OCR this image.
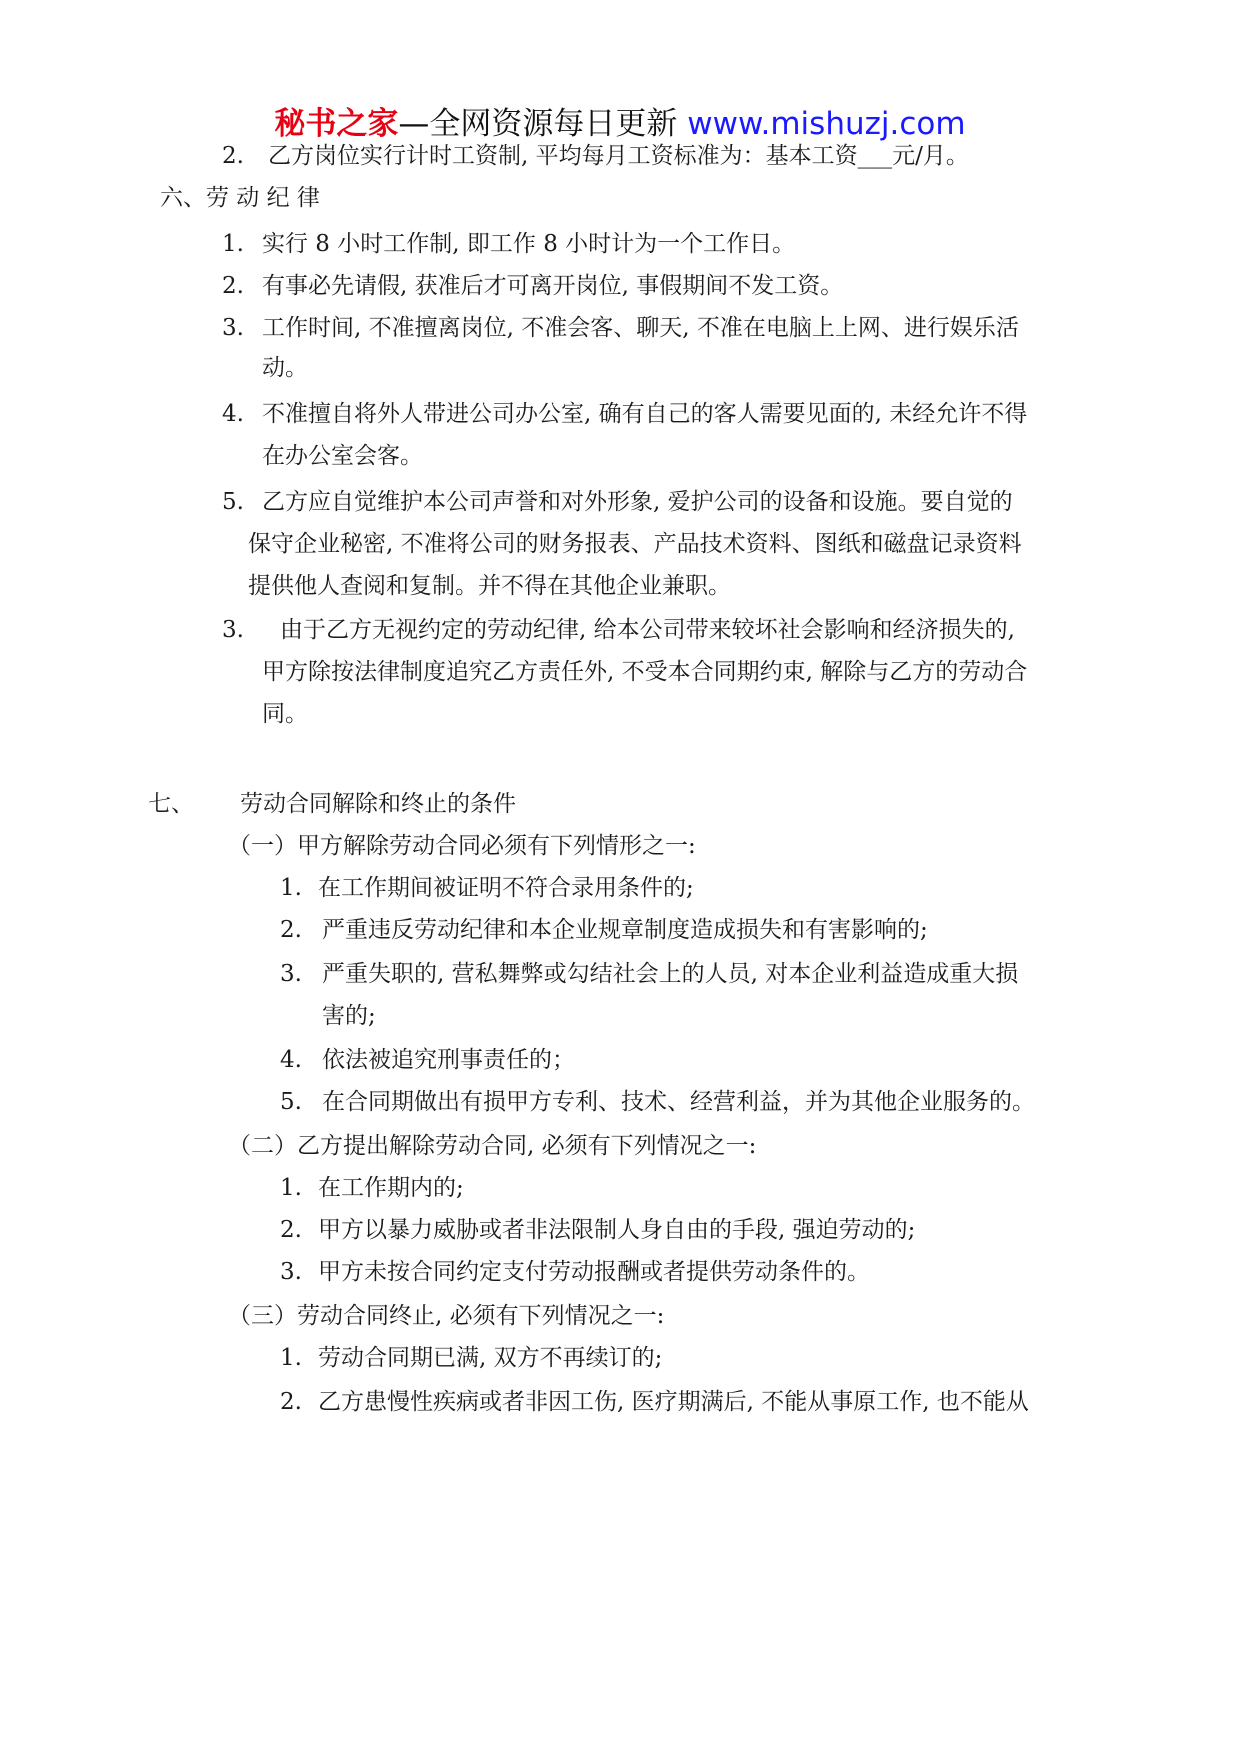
秘书之家—全网资源每日更新 www.mishuzj.com
2. 乙方岗位实行计时工资制, 平均每月工资标准为：基本工资___元/月。
六、劳 动 纪 律
1. 实行 8 小时工作制, 即工作 8 小时计为一个工作日。
2. 有事必先请假, 获准后才可离开岗位, 事假期间不发工资。
3. 工作时间, 不准擅离岗位, 不准会客、聊天, 不准在电脑上上网、进行娱乐活
动。
4. 不准擅自将外人带进公司办公室, 确有自己的客人需要见面的, 未经允许不得
在办公室会客。
5. 乙方应自觉维护本公司声誉和对外形象, 爱护公司的设备和设施。要自觉的
保守企业秘密, 不准将公司的财务报表、产品技术资料、图纸和磁盘记录资料
提供他人查阅和复制。并不得在其他企业兼职。
3. 由于乙方无视约定的劳动纪律, 给本公司带来较坏社会影响和经济损失的,
甲方除按法律制度追究乙方责任外, 不受本合同期约束, 解除与乙方的劳动合
同。
七、 劳动合同解除和终止的条件
（一）甲方解除劳动合同必须有下列情形之一:
1. 在工作期间被证明不符合录用条件的;
2. 严重违反劳动纪律和本企业规章制度造成损失和有害影响的;
3. 严重失职的, 营私舞弊或勾结社会上的人员, 对本企业利益造成重大损
害的;
4. 依法被追究刑事责任的；
5. 在合同期做出有损甲方专利、技术、经营利益，并为其他企业服务的。
（二）乙方提出解除劳动合同, 必须有下列情况之一:
1. 在工作期内的;
2. 甲方以暴力威胁或者非法限制人身自由的手段, 强迫劳动的;
3. 甲方未按合同约定支付劳动报酬或者提供劳动条件的。
（三）劳动合同终止, 必须有下列情况之一:
1. 劳动合同期已满, 双方不再续订的;
2. 乙方患慢性疾病或者非因工伤, 医疗期满后, 不能从事原工作, 也不能从
